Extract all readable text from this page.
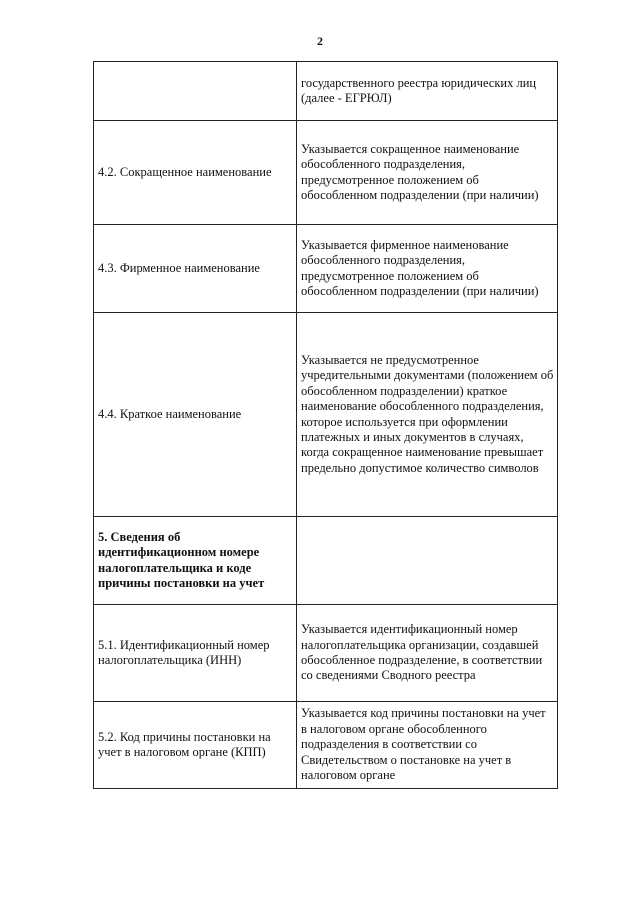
2
	государственного реестра юридических лиц (далее - ЕГРЮЛ)
4.2. Сокращенное наименование	Указывается сокращенное наименование обособленного подразделения, предусмотренное положением об обособленном подразделении (при наличии)
4.3. Фирменное наименование	Указывается фирменное наименование обособленного подразделения, предусмотренное положением об обособленном подразделении (при наличии)
4.4. Краткое наименование	Указывается не предусмотренное учредительными документами (положением об обособленном подразделении) краткое наименование обособленного подразделения, которое используется при оформлении платежных и иных документов в случаях, когда сокращенное наименование превышает предельно допустимое количество символов
5. Сведения об идентификационном номере налогоплательщика и коде причины постановки на учет	
5.1. Идентификационный номер налогоплательщика (ИНН)	Указывается идентификационный номер налогоплательщика организации, создавшей обособленное подразделение, в соответствии со сведениями Сводного реестра
5.2. Код причины постановки на учет в налоговом органе (КПП)	Указывается код причины постановки на учет в налоговом органе обособленного подразделения в соответствии со Свидетельством о постановке на учет в налоговом органе
